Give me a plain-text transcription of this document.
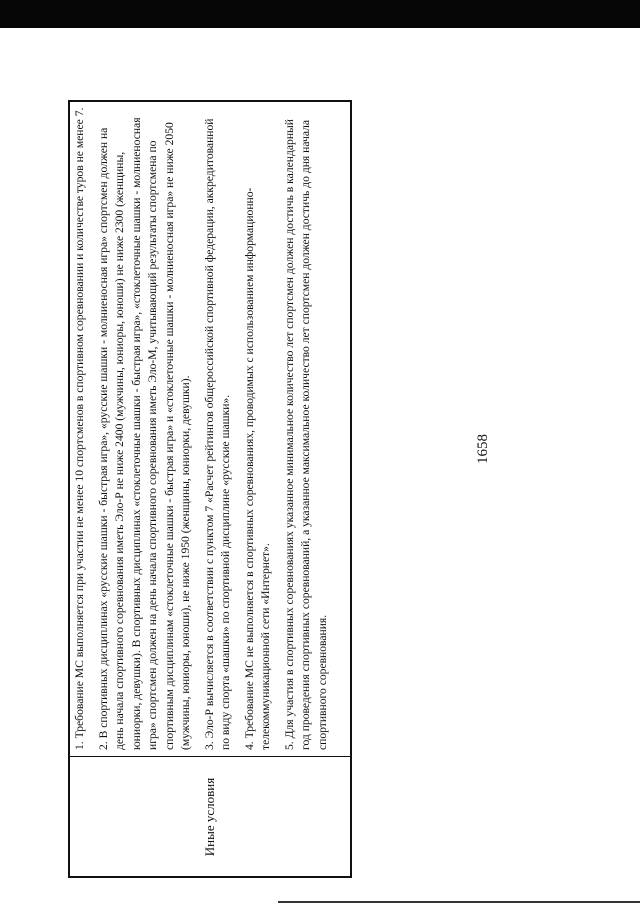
1658
Иные условия

1. Требование МС выполняется при участии не менее 10 спортсменов в спортивном соревновании и количестве туров не менее 7. 2. В спортивных дисциплинах «русские шашки - быстрая игра», «русские шашки - молниеносная игра» спортсмен должен на день начала спортивного соревнования иметь Эло-Р не ниже 2400 (мужчины, юниоры, юноши) не ниже 2300 (женщины, юниорки, девушки). В спортивных дисциплинах «стоклеточные шашки - быстрая игра», «стоклеточные шашки - молниеносная игра» спортсмен должен на день начала спортивного соревнования иметь Эло-М, учитывающий результаты спортсмена по спортивным дисциплинам «стоклеточные шашки - быстрая игра» и «стоклеточные шашки - молниеносная игра» не ниже 2050 (мужчины, юниоры, юноши), не ниже 1950 (женщины, юниорки, девушки). 3. Эло-Р вычисляется в соответствии с пунктом 7 «Расчет рейтингов общероссийской спортивной федерации, аккредитованной по виду спорта «шашки» по спортивной дисциплине «русские шашки». 4. Требование МС не выполняется в спортивных соревнованиях, проводимых с использованием информационно-телекоммуникационной сети «Интернет». 5. Для участия в спортивных соревнованиях указанное минимальное количество лет спортсмен должен достичь в календарный год проведения спортивных соревнований, а указанное максимальное количество лет спортсмен должен достичь до дня начала спортивного соревнования.
